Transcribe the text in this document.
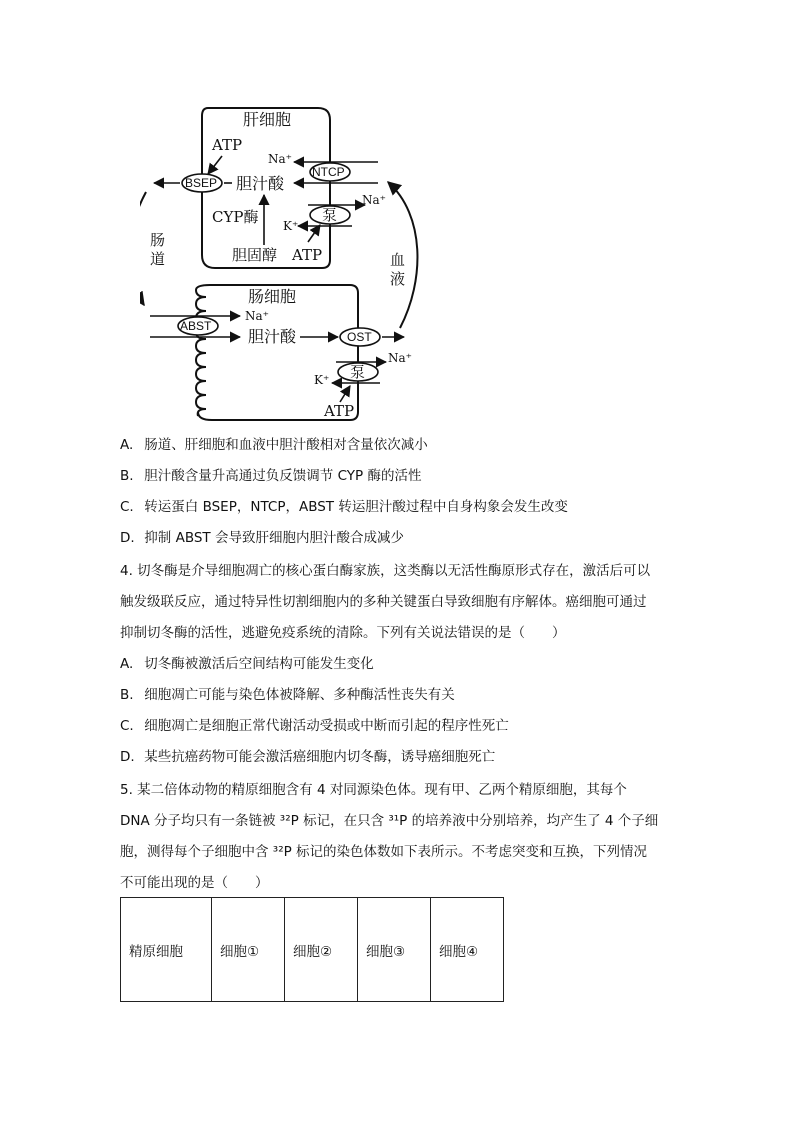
肝细胞
ATP
BSEP 胆汁酸
CYP酶
胆固醇 ATP
Na⁺
NTCP
Na⁺
泵
K⁺
肠
道	血
液
肠细胞
Na⁺
ABST
胆汁酸	OST
Na⁺
泵
K⁺
ATP
A. 肠道、肝细胞和血液中胆汁酸相对含量依次减小
B. 胆汁酸含量升高通过负反馈调节 CYP 酶的活性
C. 转运蛋白 BSEP，NTCP，ABST 转运胆汁酸过程中自身构象会发生改变
D. 抑制 ABST 会导致肝细胞内胆汁酸合成减少
4. 切冬酶是介导细胞凋亡的核心蛋白酶家族，这类酶以无活性酶原形式存在，激活后可以
触发级联反应，通过特异性切割细胞内的多种关键蛋白导致细胞有序解体。癌细胞可通过
抑制切冬酶的活性，逃避免疫系统的清除。下列有关说法错误的是（　　）
A. 切冬酶被激活后空间结构可能发生变化
B. 细胞凋亡可能与染色体被降解、多种酶活性丧失有关
C. 细胞凋亡是细胞正常代谢活动受损或中断而引起的程序性死亡
D. 某些抗癌药物可能会激活癌细胞内切冬酶，诱导癌细胞死亡
5. 某二倍体动物的精原细胞含有 4 对同源染色体。现有甲、乙两个精原细胞，其每个
DNA 分子均只有一条链被 ³²P 标记，在只含 ³¹P 的培养液中分别培养，均产生了 4 个子细
胞，测得每个子细胞中含 ³²P 标记的染色体数如下表所示。不考虑突变和互换，下列情况
不可能出现的是（　　）
精原细胞	细胞①	细胞②	细胞③	细胞④
